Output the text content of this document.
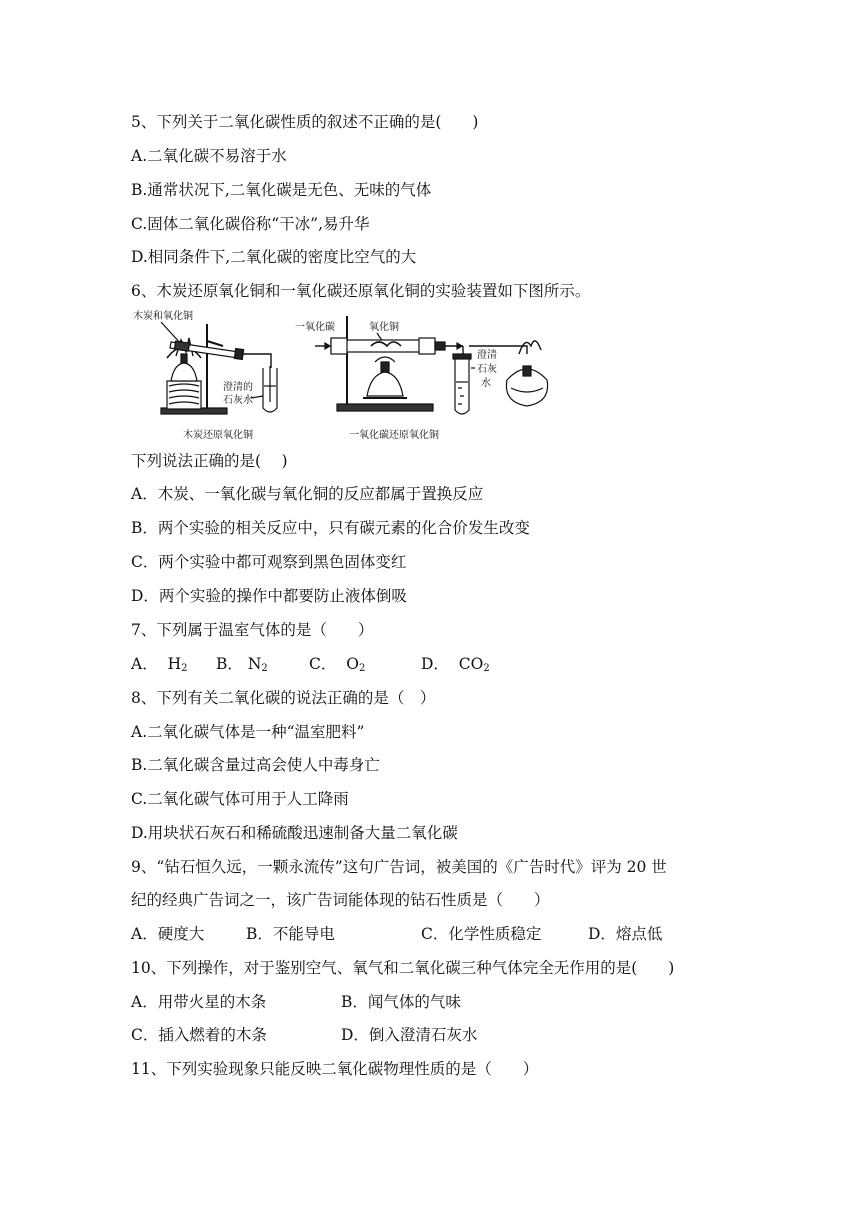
5、下列关于二氧化碳性质的叙述不正确的是(　　)
A.二氧化碳不易溶于水
B.通常状况下,二氧化碳是无色、无味的气体
C.固体二氧化碳俗称“干冰”,易升华
D.相同条件下,二氧化碳的密度比空气的大
6、木炭还原氧化铜和一氧化碳还原氧化铜的实验装置如下图所示。
木炭和氧化铜
澄清的
石灰水
木炭还原氧化铜
一氧化碳	氧化铜
澄清
石灰
水
一氧化碳还原氧化铜
下列说法正确的是(　 )
A．木炭、一氧化碳与氧化铜的反应都属于置换反应
B．两个实验的相关反应中，只有碳元素的化合价发生改变
C．两个实验中都可观察到黑色固体变红
D．两个实验的操作中都要防止液体倒吸
7、下列属于温室气体的是（　　）
A． $H_2$ B． $N_2$	C． $O_2$	D． $CO_2$
8、下列有关二氧化碳的说法正确的是（　）
A.二氧化碳气体是一种“温室肥料”
B.二氧化碳含量过高会使人中毒身亡
C.二氧化碳气体可用于人工降雨
D.用块状石灰石和稀硫酸迅速制备大量二氧化碳
9、“钻石恒久远，一颗永流传”这句广告词，被美国的《广告时代》评为 20 世
纪的经典广告词之一，该广告词能体现的钻石性质是（　　）
A．硬度大	B．不能导电	C．化学性质稳定	D．熔点低
10、下列操作，对于鉴别空气、氧气和二氧化碳三种气体完全无作用的是(　　)
A．用带火星的木条	B．闻气体的气味
C．插入燃着的木条	D．倒入澄清石灰水
11、下列实验现象只能反映二氧化碳物理性质的是（　　）
